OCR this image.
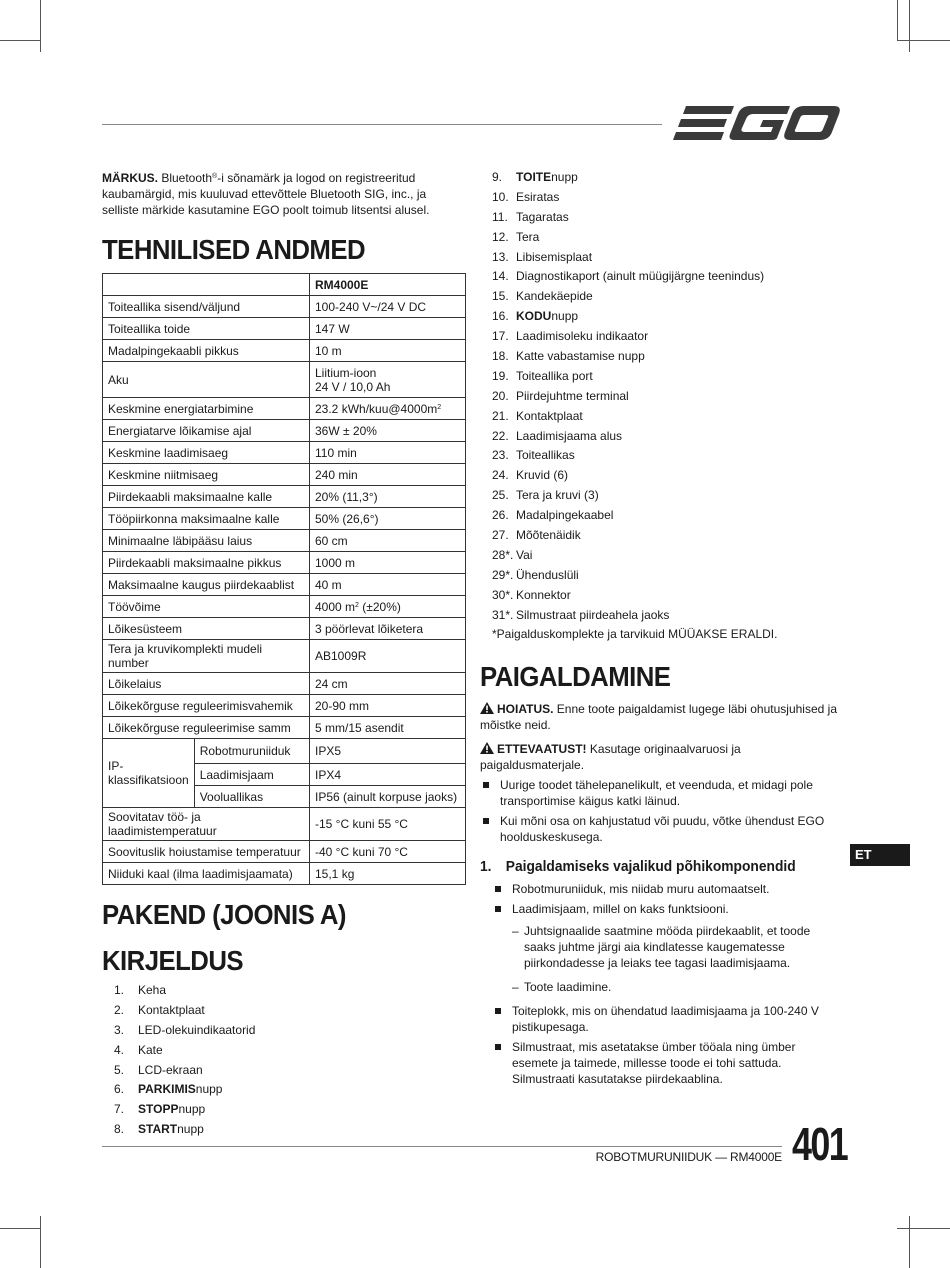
MÄRKUS. Bluetooth®-i sõnamärk ja logod on registreeritud kaubamärgid, mis kuuluvad ettevõttele Bluetooth SIG, inc., ja selliste märkide kasutamine EGO poolt toimub litsentsi alusel.

TEHNILISED ANDMED
		RM4000E
Toiteallika sisend/väljund		100-240 V~/24 V DC
Toiteallika toide		147 W
Madalpingekaabli pikkus		10 m
Aku		Liitium-ioon
24 V / 10,0 Ah
Keskmine energiatarbimine		23.2 kWh/$kuu@4000m^2$
Energiatarve lõikamise ajal		36W ± 20%
Keskmine laadimisaeg		110 min
Keskmine niitmisaeg		240 min
Piirdekaabli maksimaalne kalle		20% (11,3°)
Tööpiirkonna maksimaalne kalle		50% (26,6°)
Minimaalne läbipääsu laius		60 cm
Piirdekaabli maksimaalne pikkus		1000 m
Maksimaalne kaugus piirdekaablist		40 m
Töövõime		4000 $m^2$ (±20%)
Lõikesüsteem		3 pöörlevat lõiketera
Tera ja kruvikomplekti mudeli number		AB1009R
Lõikelaius		24 cm
Lõikekõrguse reguleerimisvahemik		20-90 mm
Lõikekõrguse reguleerimise samm		5 mm/15 asendit
IP-klassifikatsioon	Robotmuruniiduk	IPX5
	Laadimisjaam	IPX4
	Vooluallikas	IP56 (ainult korpuse jaoks)
Soovitatav töö- ja laadimistemperatuur		-15 °C kuni 55 °C
Soovituslik hoiustamise temperatuur		-40 °C kuni 70 °C
Niiduki kaal (ilma laadimisjaamata)		15,1 kg
PAKEND (JOONIS A)
KIRJELDUS
1. Keha
2. Kontaktplaat
3. LED-olekuindikaatorid
4. Kate
5. LCD-ekraan
6. PARKIMISnupp
7. STOPPnupp
8. STARTnupp
9. TOITEnupp
10. Esiratas
11. Tagaratas
12. Tera
13. Libisemisplaat
14. Diagnostikaport (ainult müügijärgne teenindus)
15. Kandekäepide
16. KODUnupp
17. Laadimisoleku indikaator
18. Katte vabastamise nupp
19. Toiteallika port
20. Piirdejuhtme terminal
21. Kontaktplaat
22. Laadimisjaama alus
23. Toiteallikas
24. Kruvid (6)
25. Tera ja kruvi (3)
26. Madalpingekaabel
27. Mõõtenäidik
28*. Vai
29*. Ühenduslüli
30*. Konnektor
31*. Silmustraat piirdeahela jaoks
*Paigalduskomplekte ja tarvikuid MÜÜAKSE ERALDI.
PAIGALDAMINE

HOIATUS. Enne toote paigaldamist lugege läbi ohutusjuhised ja mõistke neid.

ETTEVAATUST! Kasutage originaalvaruosi ja paigaldusmaterjale.

Uurige toodet tähelepanelikult, et veenduda, et midagi pole transportimise käigus katki läinud.
Kui mõni osa on kahjustatud või puudu, võtke ühendust EGO hoolduskeskusega.
1. Paigaldamiseks vajalikud põhikomponendid
Robotmuruniiduk, mis niidab muru automaatselt.
Laadimisjaam, millel on kaks funktsiooni.
– Juhtsignaalide saatmine mööda piirdekaablit, et toode saaks juhtme järgi aia kindlatesse kaugematesse piirkondadesse ja leiaks tee tagasi laadimisjaama.
– Toote laadimine.
Toiteplokk, mis on ühendatud laadimisjaama ja 100-240 V pistikupesaga.
Silmustraat, mis asetatakse ümber tööala ning ümber esemete ja taimede, millesse toode ei tohi sattuda. Silmustraati kasutatakse piirdekaablina.
ET
ROBOTMURUNIIDUK — RM4000E 401
